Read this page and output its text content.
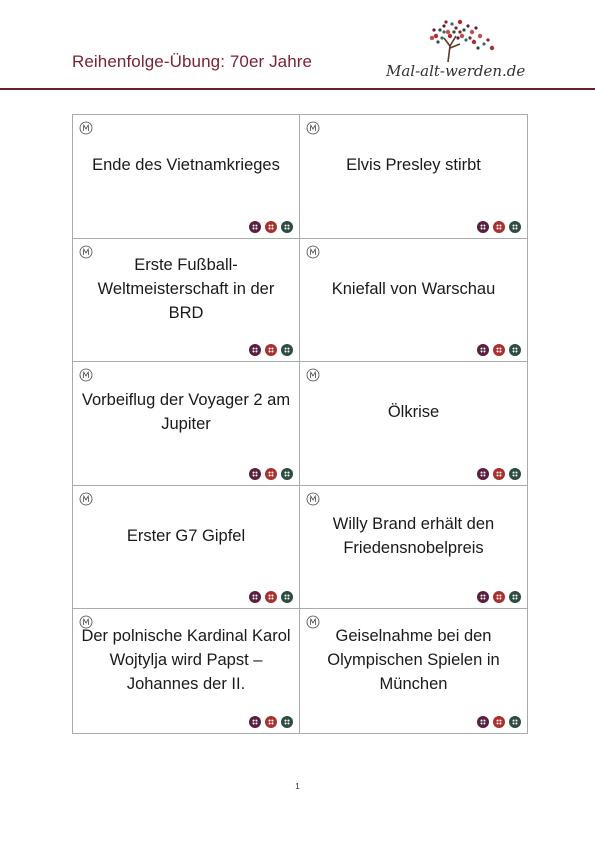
Reihenfolge-Übung: 70er Jahre	Mal-alt-werden.de
Ende des Vietnamkrieges	Elvis Presley stirbt
Erste Fußball-Weltmeisterschaft in der BRD
Kniefall von Warschau
Vorbeiflug der Voyager 2 am Jupiter
Ölkrise
Erster G7 Gipfel
Willy Brand erhält den Friedensnobelpreis
Der polnische Kardinal Karol Wojtylja wird Papst – Johannes der II.
Geiselnahme bei den Olympischen Spielen in München
1
